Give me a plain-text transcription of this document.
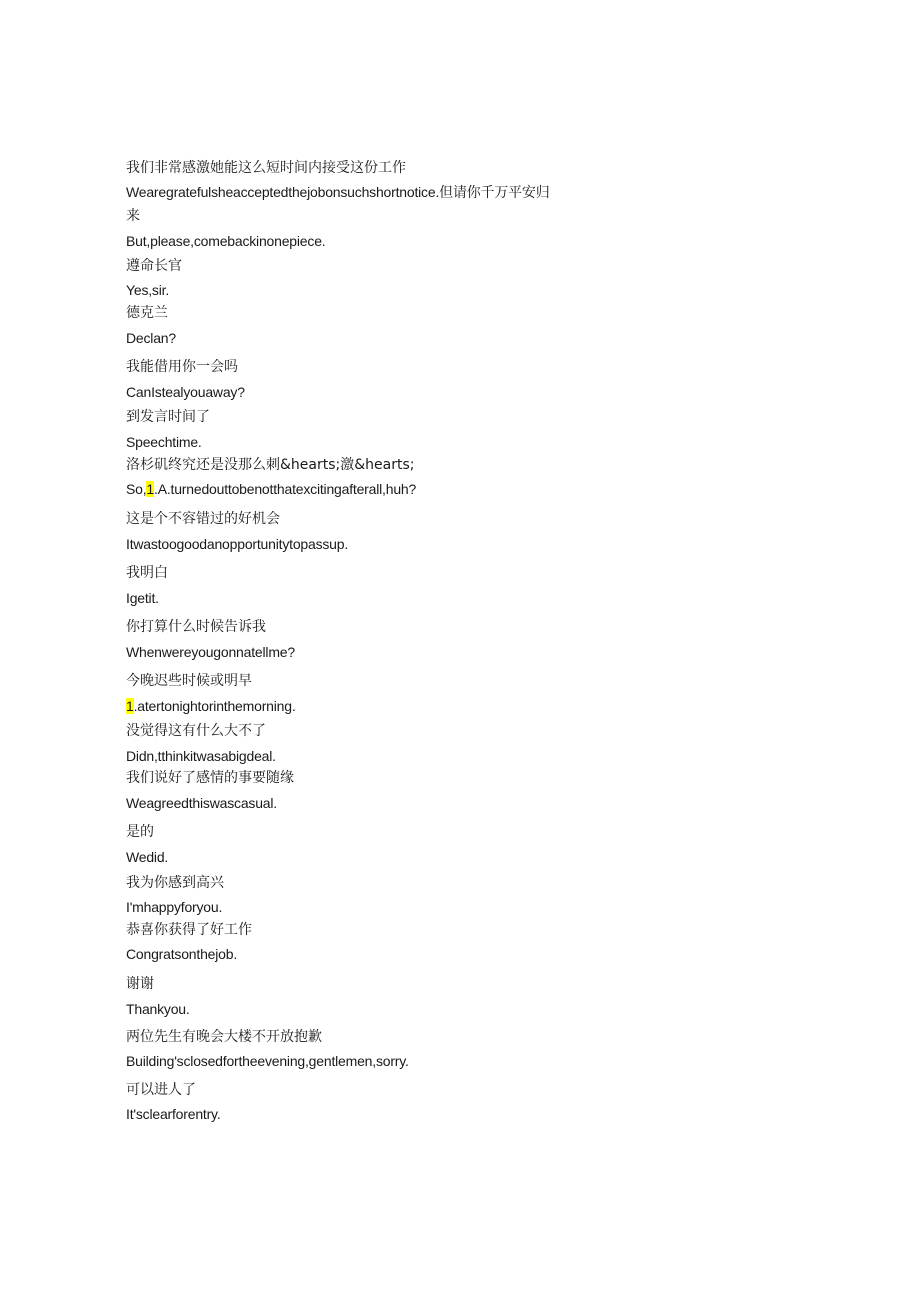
我们非常感激她能这么短时间内接受这份工作
Wearegratefulsheacceptedthejobonsuchshortnotice.但请你千万平安归
来
But,please,comebackinonepiece.
遵命长官
Yes,sir.
德克兰
Declan?
我能借用你一会吗
CanIstealyouaway?
到发言时间了
Speechtime.
洛杉矶终究还是没那么刺&hearts;激&hearts;
So,1.A.turnedouttobenotthatexcitingafterall,huh?
这是个不容错过的好机会
Itwastoogoodanopportunitytopassup.
我明白
Igetit.
你打算什么时候告诉我
Whenwereyougonnatellme?
今晚迟些时候或明早
1.atertonightorinthemorning.
没觉得这有什么大不了
Didn,tthinkitwasabigdeal.
我们说好了感情的事要随缘
Weagreedthiswascasual.
是的
Wedid.
我为你感到高兴
I'mhappyforyou.
恭喜你获得了好工作
Congratsonthejob.
谢谢
Thankyou.
两位先生有晚会大楼不开放抱歉
Building'sclosedfortheevening,gentlemen,sorry.
可以进人了
It'sclearforentry.
